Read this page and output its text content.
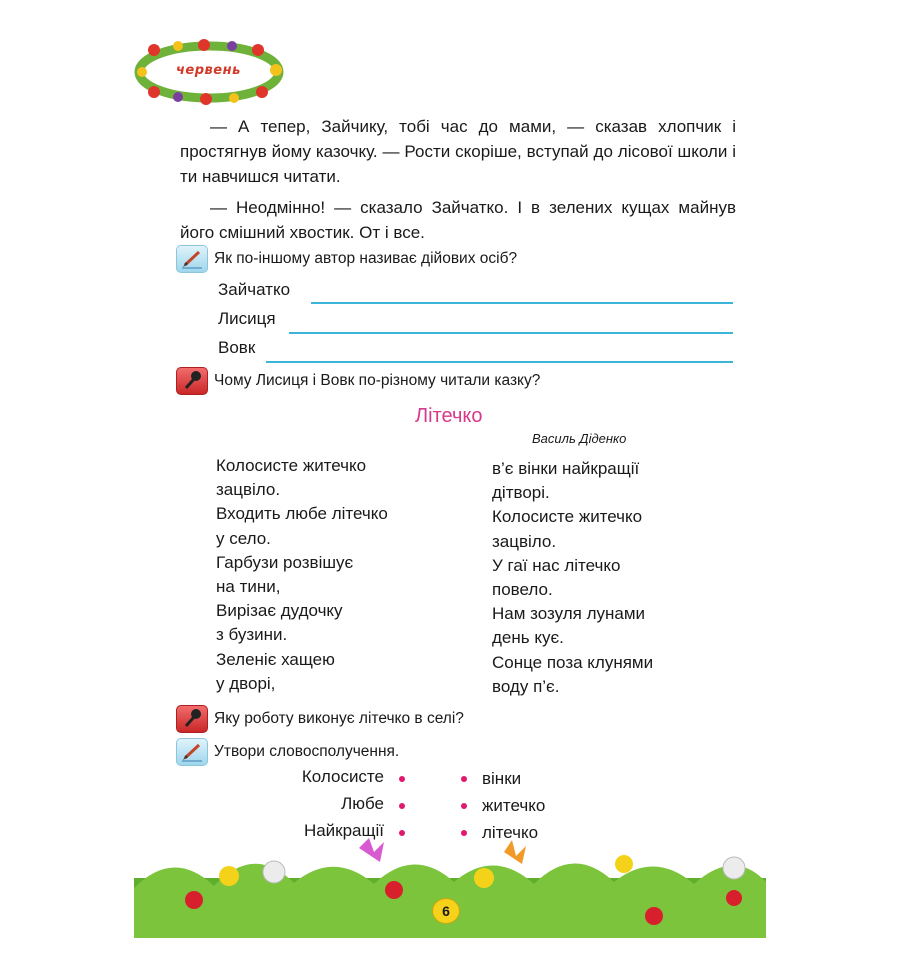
червень

— А тепер, Зайчику, тобі час до мами, — сказав хлопчик і простягнув йому казочку. — Рости скоріше, вступай до лісової школи і ти навчишся читати.

— Неодмінно! — сказало Зайчатко. І в зелених кущах майнув його смішний хвостик. От і все.

Як по-іншому автор називає дійових осіб?
Зайчатко
Лисиця
Вовк
Чому Лисиця і Вовк по-різному читали казку?
Літечко
Василь Діденко
Колосисте житечко
зацвіло.
Входить любе літечко
у село.
Гарбузи розвішує
на тини,
Вирізає дудочку
з бузини.
Зеленіє хащею
у дворі,
в’є вінки найкращії
дітворі.
Колосисте житечко
зацвіло.
У гаї нас літечко
повело.
Нам зозуля лунами
день кує.
Сонце поза клунями
воду п’є.
Яку роботу виконує літечко в селі?
Утвори словосполучення.
Колосисте
Любе
Найкращії
вінки
житечко
літечко
6
